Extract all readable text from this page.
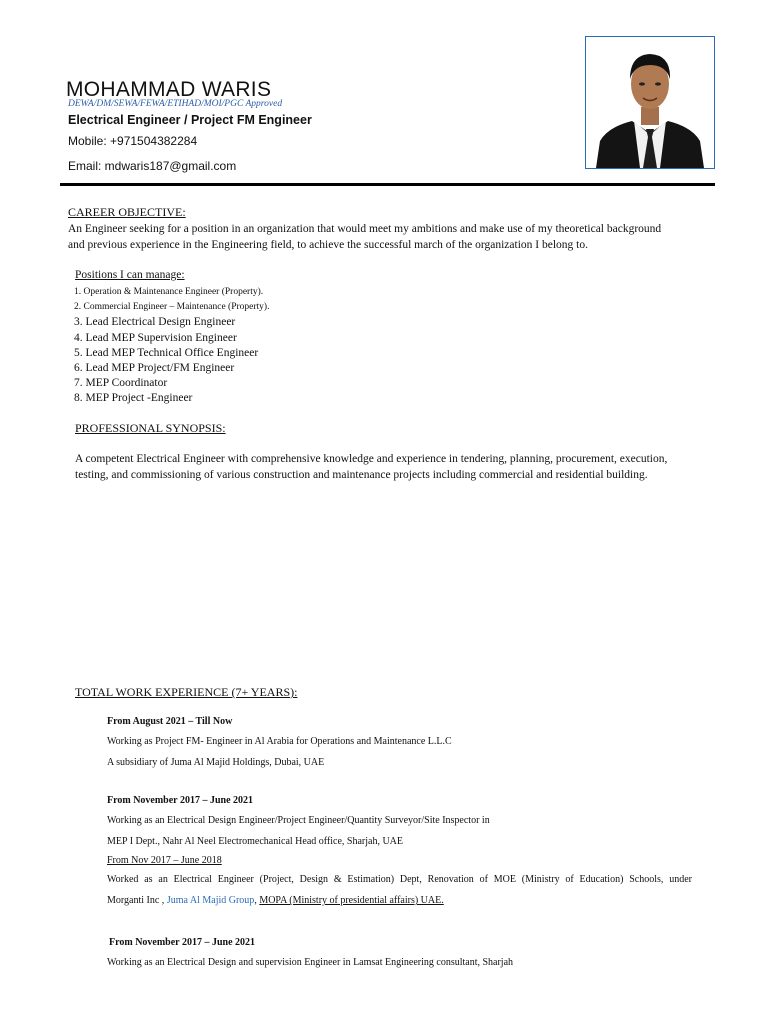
MOHAMMAD WARIS
DEWA/DM/SEWA/FEWA/ETIHAD/MOI/PGC Approved
Electrical Engineer / Project FM Engineer
Mobile: +971504382284
Email: mdwaris187@gmail.com
CAREER OBJECTIVE:
An Engineer seeking for a position in an organization that would meet my ambitions and make use of my theoretical background
and previous experience in the Engineering field, to achieve the successful march of the organization I belong to.
Positions I can manage:
1. Operation & Maintenance Engineer (Property).
2. Commercial Engineer – Maintenance (Property).
3. Lead Electrical Design Engineer
4. Lead MEP Supervision Engineer
5. Lead MEP Technical Office Engineer
6. Lead MEP Project/FM Engineer
7. MEP Coordinator
8. MEP Project -Engineer
PROFESSIONAL SYNOPSIS:
A competent Electrical Engineer with comprehensive knowledge and experience in tendering, planning, procurement, execution,
testing, and commissioning of various construction and maintenance projects including commercial and residential building.
TOTAL WORK EXPERIENCE (7+ YEARS):
From August 2021 – Till Now
Working as Project FM- Engineer in Al Arabia for Operations and Maintenance L.L.C
A subsidiary of Juma Al Majid Holdings, Dubai, UAE
From November 2017 – June 2021
Working as an Electrical Design Engineer/Project Engineer/Quantity Surveyor/Site Inspector in
MEP I Dept., Nahr Al Neel Electromechanical Head office, Sharjah, UAE
From Nov 2017 – June 2018
Worked as an Electrical Engineer (Project, Design & Estimation) Dept, Renovation of MOE (Ministry of Education) Schools, under
Morganti Inc , Juma Al Majid Group, MOPA (Ministry of presidential affairs) UAE.
From November 2017 – June 2021
Working as an Electrical Design and supervision Engineer in Lamsat Engineering consultant, Sharjah
